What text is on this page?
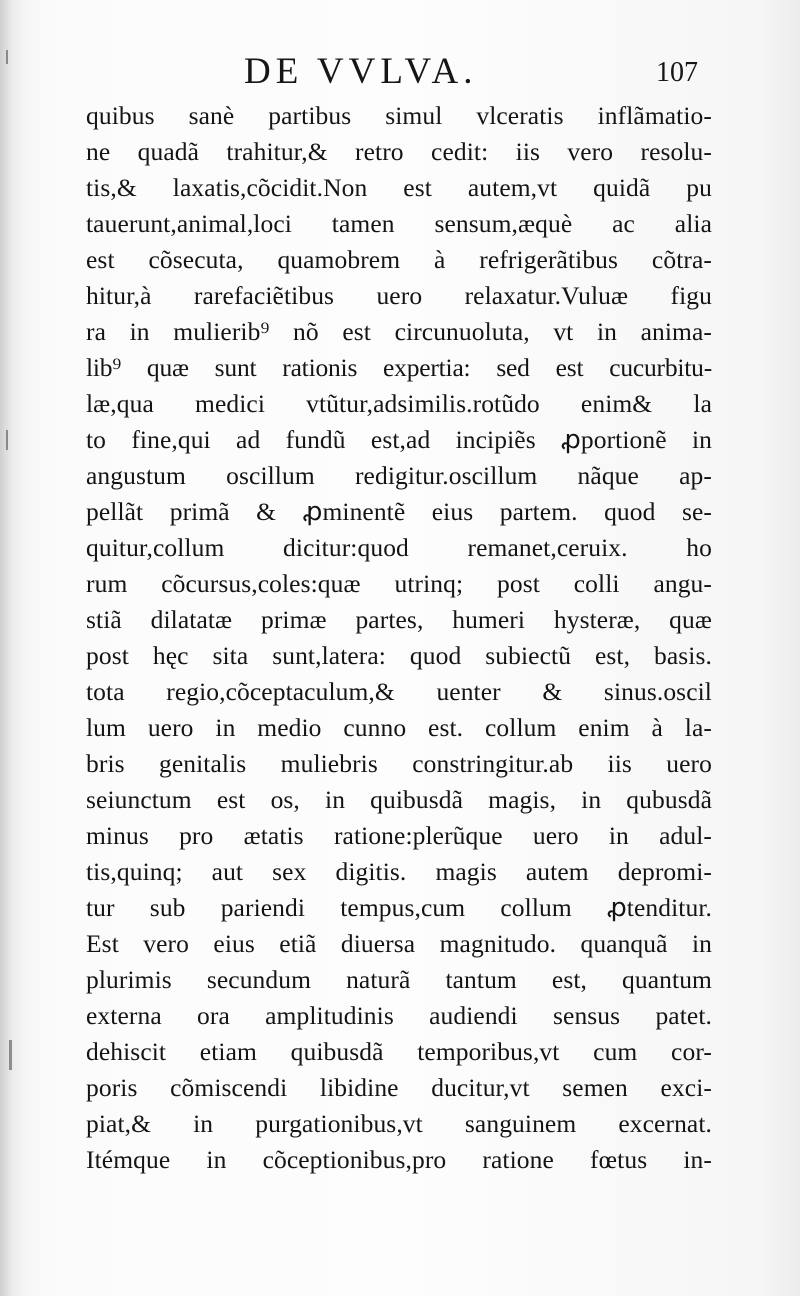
DE VVLVA.	107
quibus sanè partibus simul vlceratis inflãmatio-
ne quadã trahitur,& retro cedit: iis vero resolu-
tis,& laxatis,cõcidit.Non est autem,vt quidã pu
tauerunt,animal,loci tamen sensum,æquè ac alia
est cõsecuta, quamobrem à refrigerãtibus cõtra-
hitur,à rarefaciẽtibus uero relaxatur.Vuluæ figu
ra in mulierib⁹ nõ est circunuoluta, vt in anima-
lib⁹ quæ sunt rationis expertia: sed est cucurbitu-
læ,qua medici vtũtur,adsimilis.rotũdo enim& la
to fine,qui ad fundũ est,ad incipiẽs ꝓportionẽ in
angustum oscillum redigitur.oscillum nãque ap-
pellãt primã & ꝓminentẽ eius partem. quod se-
quitur,collum dicitur:quod remanet,ceruix. ho
rum cõcursus,coles:quæ utrinq; post colli angu-
stiã dilatatæ primæ partes, humeri hysteræ, quæ
post hęc sita sunt,latera: quod subiectũ est, basis.
tota regio,cõceptaculum,& uenter & sinus.oscil
lum uero in medio cunno est. collum enim à la-
bris genitalis muliebris constringitur.ab iis uero
seiunctum est os, in quibusdã magis, in qubusdã
minus pro ætatis ratione:plerũque uero in adul-
tis,quinq; aut sex digitis. magis autem depromi-
tur sub pariendi tempus,cum collum ꝓtenditur.
Est vero eius etiã diuersa magnitudo. quanquã in
plurimis secundum naturã tantum est, quantum
externa ora amplitudinis audiendi sensus patet.
dehiscit etiam quibusdã temporibus,vt cum cor-
poris cõmiscendi libidine ducitur,vt semen exci-
piat,& in purgationibus,vt sanguinem excernat.
Itémque in cõceptionibus,pro ratione fœtus in-
